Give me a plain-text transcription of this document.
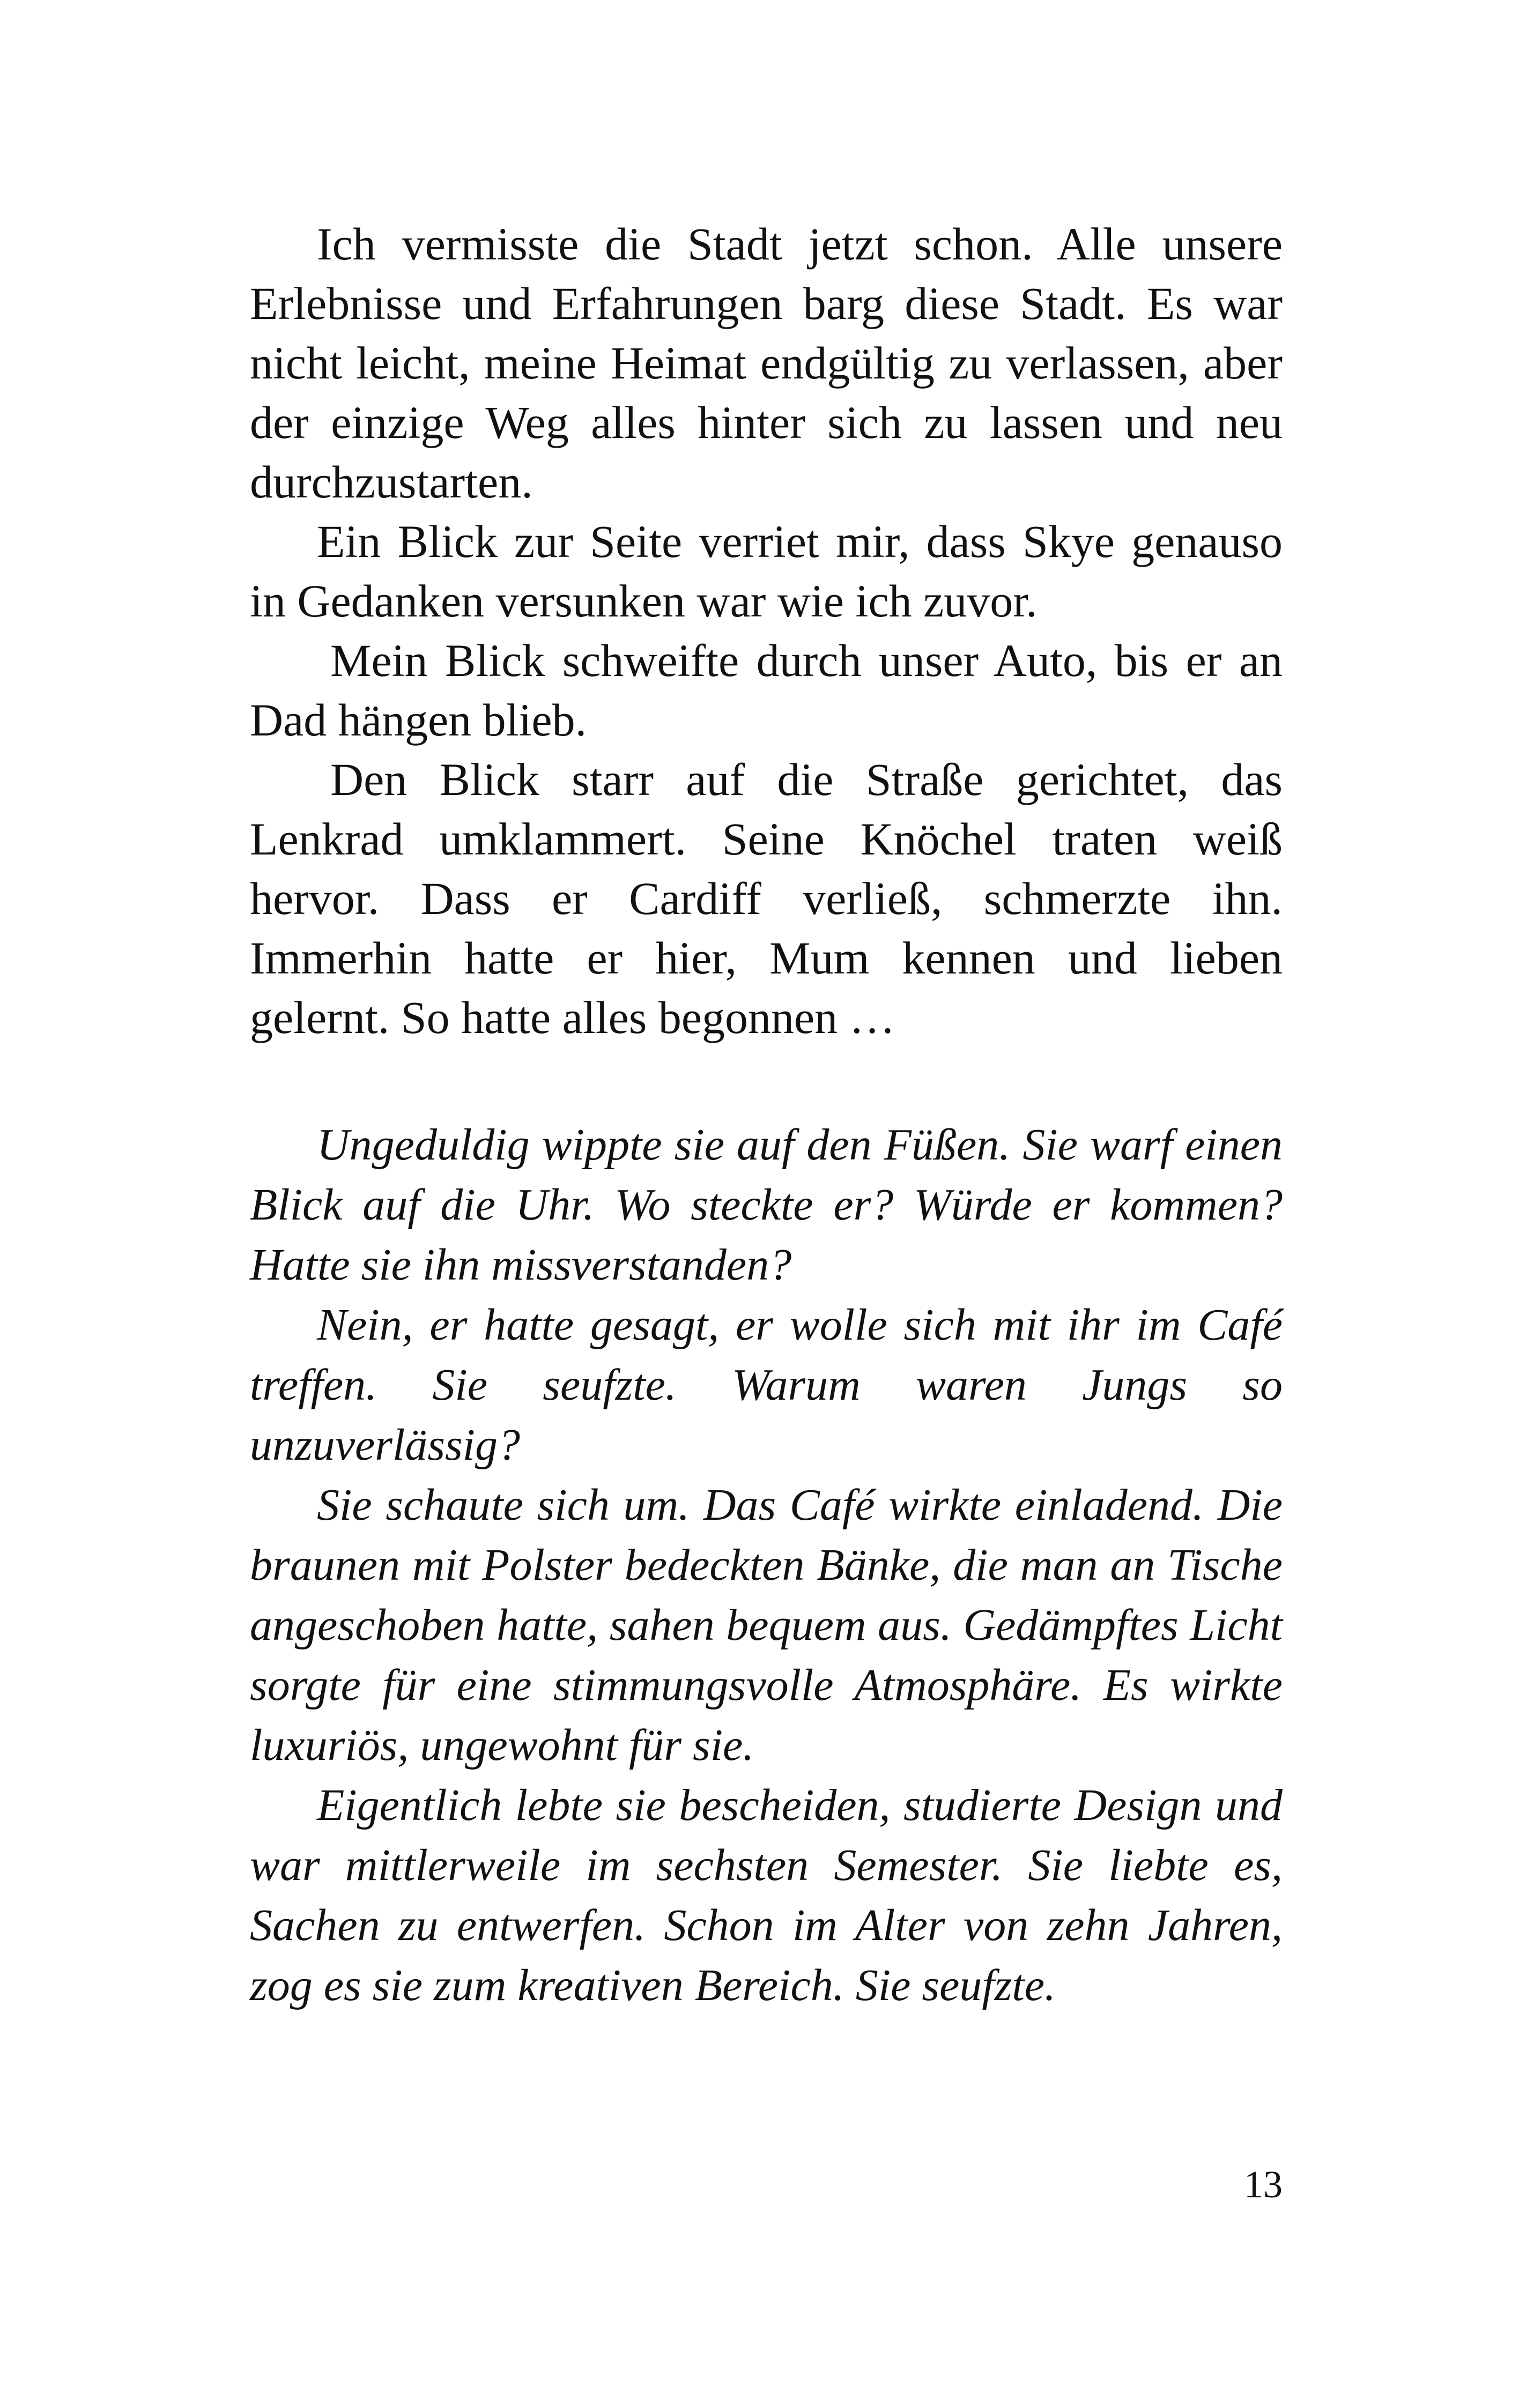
Ich vermisste die Stadt jetzt schon. Alle unsere Erlebnisse und Erfahrungen barg diese Stadt. Es war nicht leicht, meine Heimat endgültig zu verlassen, aber der einzige Weg alles hinter sich zu lassen und neu durchzustarten.

Ein Blick zur Seite verriet mir, dass Skye genauso in Gedanken versunken war wie ich zuvor.

Mein Blick schweifte durch unser Auto, bis er an Dad hängen blieb.

Den Blick starr auf die Straße gerichtet, das Lenkrad umklammert. Seine Knöchel traten weiß hervor. Dass er Cardiff verließ, schmerzte ihn. Immerhin hatte er hier, Mum kennen und lieben gelernt. So hatte alles begonnen …

Ungeduldig wippte sie auf den Füßen. Sie warf einen Blick auf die Uhr. Wo steckte er? Würde er kommen? Hatte sie ihn missverstanden?

Nein, er hatte gesagt, er wolle sich mit ihr im Café treffen. Sie seufzte. Warum waren Jungs so unzuverlässig?

Sie schaute sich um. Das Café wirkte einladend. Die braunen mit Polster bedeckten Bänke, die man an Tische angeschoben hatte, sahen bequem aus. Gedämpftes Licht sorgte für eine stimmungsvolle Atmosphäre. Es wirkte luxuriös, ungewohnt für sie.

Eigentlich lebte sie bescheiden, studierte Design und war mittlerweile im sechsten Semester. Sie liebte es, Sachen zu entwerfen. Schon im Alter von zehn Jahren, zog es sie zum kreativen Bereich. Sie seufzte.

13
